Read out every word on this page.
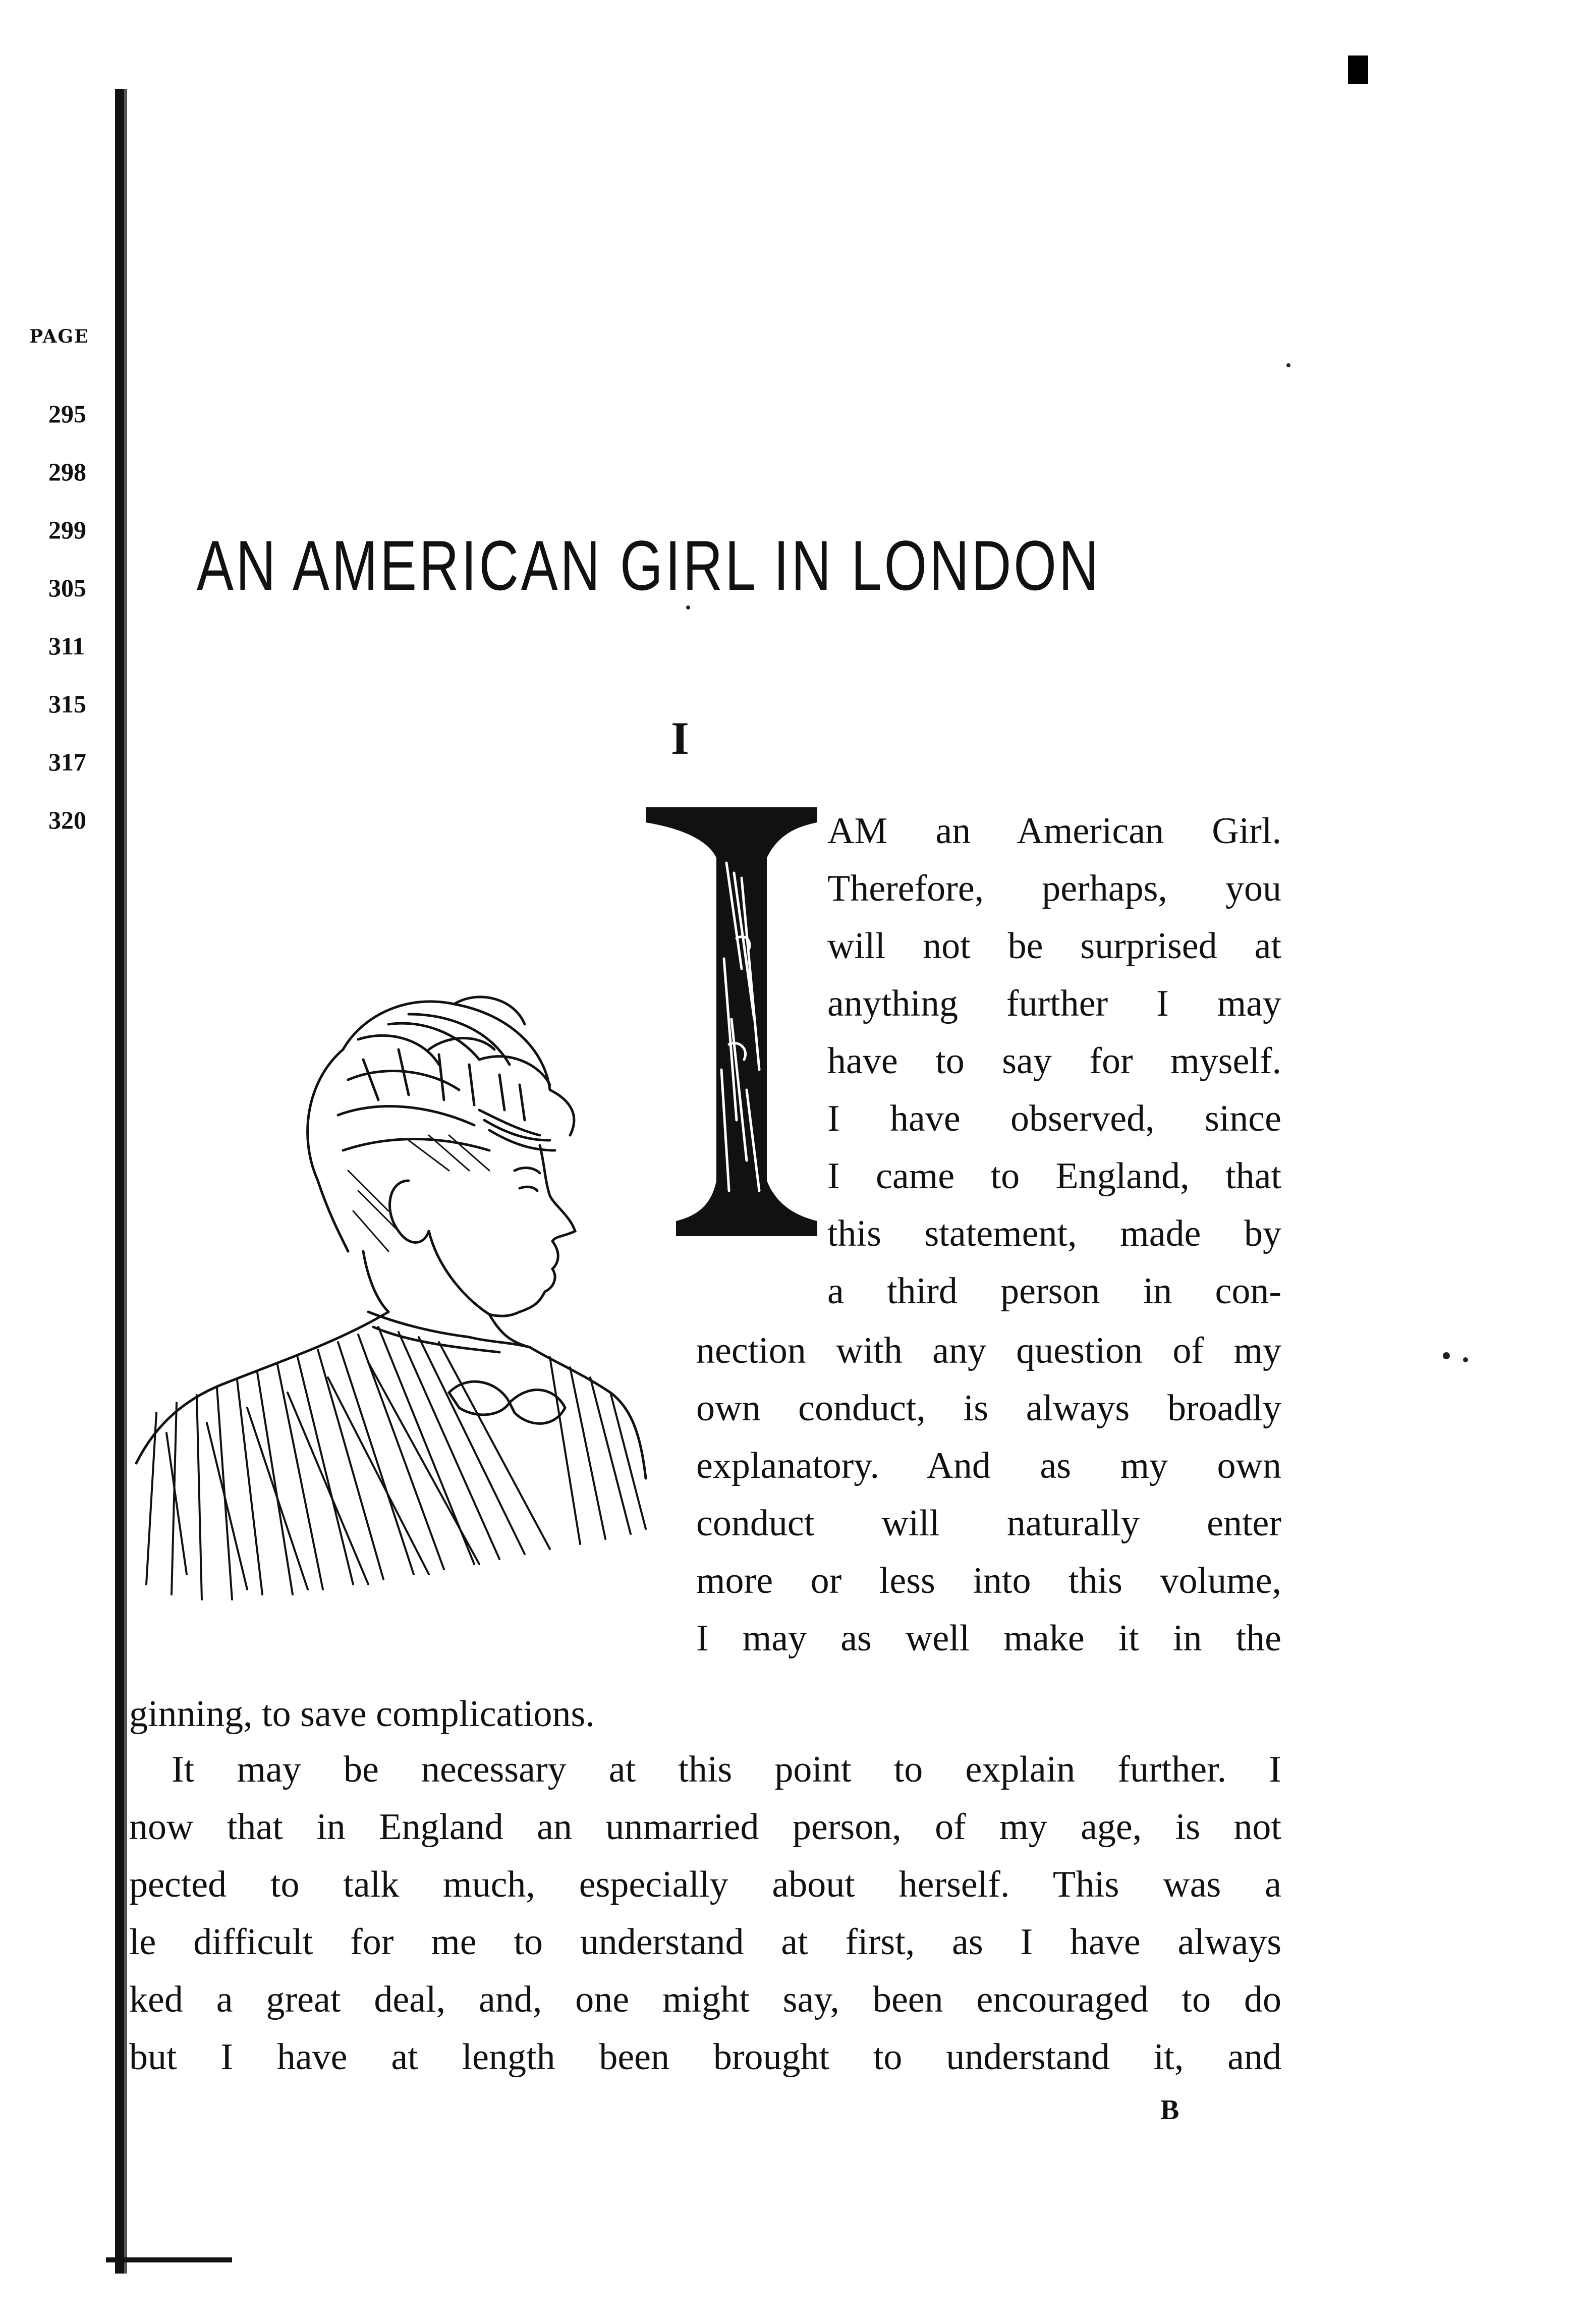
PAGE
295
298
299
305
311
315
317
320
AN AMERICAN GIRL IN LONDON
I
AM an American Girl.
Therefore, perhaps, you
will not be surprised at
anything further I may
have to say for myself.
I have observed, since
I came to England, that
this statement, made by
a third person in con-
nection with any question of my
own conduct, is always broadly
explanatory. And as my own
conduct will naturally enter
more or less into this volume,
I may as well make it in the
ginning, to save complications.
It may be necessary at this point to explain further. I
now that in England an unmarried person, of my age, is not
pected to talk much, especially about herself. This was a
le difficult for me to understand at first, as I have always
ked a great deal, and, one might say, been encouraged to do
but I have at length been brought to understand it, and
B
